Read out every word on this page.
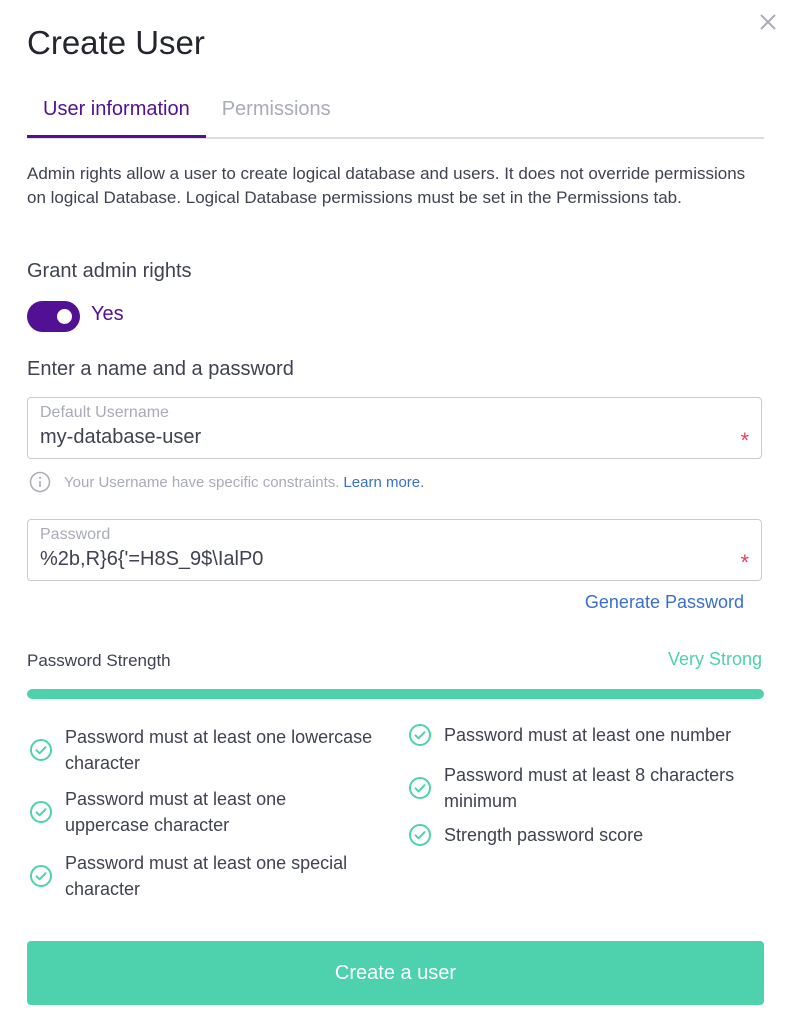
Create User
User information	Permissions

Admin rights allow a user to create logical database and users. It does not override permissions on logical Database. Logical Database permissions must be set in the Permissions tab.

Grant admin rights
Yes
Enter a name and a password
Default Username
my-database-user
*
Your Username have specific constraints. Learn more.
Password
%2b,R}6{'=H8S_9$\IalP0
*
Generate Password
Password Strength	Very Strong
Password must at least one lowercase character
Password must at least one uppercase character
Password must at least one special character
Password must at least one number
Password must at least 8 characters minimum
Strength password score
Create a user
